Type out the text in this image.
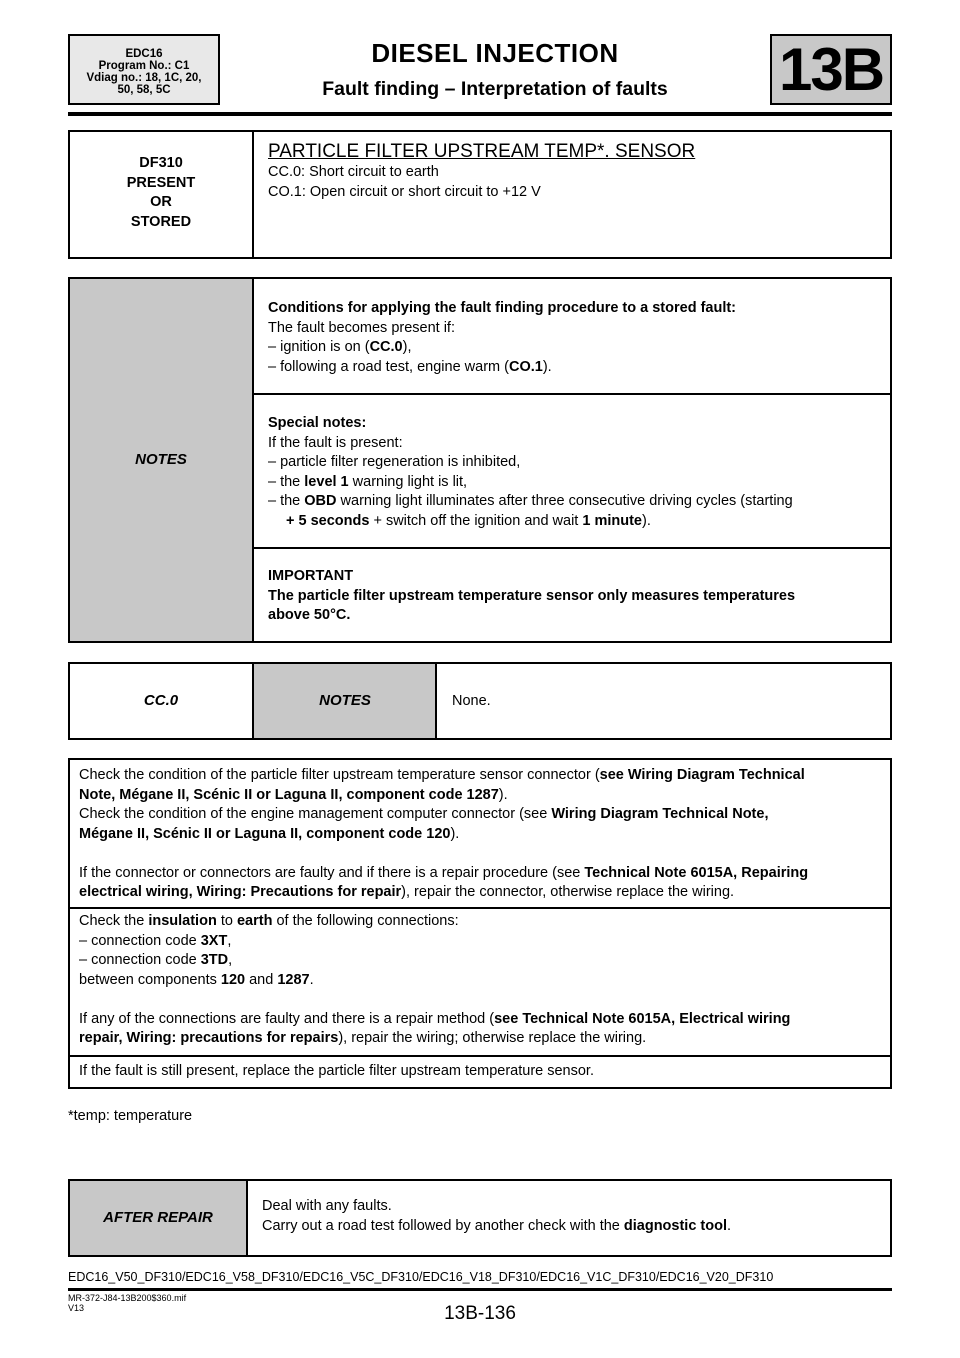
EDC16
Program No.: C1
Vdiag no.: 18, 1C, 20,
50, 58, 5C
DIESEL INJECTION
Fault finding – Interpretation of faults	13B
DF310
PRESENT
OR
STORED
PARTICLE FILTER UPSTREAM TEMP*. SENSOR
CC.0: Short circuit to earth
CO.1: Open circuit or short circuit to +12 V
NOTES
Conditions for applying the fault finding procedure to a stored fault:
The fault becomes present if:
– ignition is on (CC.0),
– following a road test, engine warm (CO.1).
Special notes:
If the fault is present:
– particle filter regeneration is inhibited,
– the level 1 warning light is lit,
– the OBD warning light illuminates after three consecutive driving cycles (starting
+ 5 seconds + switch off the ignition and wait 1 minute).
IMPORTANT
The particle filter upstream temperature sensor only measures temperatures
above 50°C.
CC.0	NOTES	None.
Check the condition of the particle filter upstream temperature sensor connector (see Wiring Diagram Technical
Note, Mégane II, Scénic II or Laguna II, component code 1287).
Check the condition of the engine management computer connector (see Wiring Diagram Technical Note,
Mégane II, Scénic II or Laguna II, component code 120).
If the connector or connectors are faulty and if there is a repair procedure (see Technical Note 6015A, Repairing
electrical wiring, Wiring: Precautions for repair), repair the connector, otherwise replace the wiring.
Check the insulation to earth of the following connections:
– connection code 3XT,
– connection code 3TD,
between components 120 and 1287.
If any of the connections are faulty and there is a repair method (see Technical Note 6015A, Electrical wiring
repair, Wiring: precautions for repairs), repair the wiring; otherwise replace the wiring.
If the fault is still present, replace the particle filter upstream temperature sensor.
*temp: temperature
AFTER REPAIR
Deal with any faults.
Carry out a road test followed by another check with the diagnostic tool.
EDC16_V50_DF310/EDC16_V58_DF310/EDC16_V5C_DF310/EDC16_V18_DF310/EDC16_V1C_DF310/EDC16_V20_DF310
MR-372-J84-13B200$360.mif
V13	13B-136
